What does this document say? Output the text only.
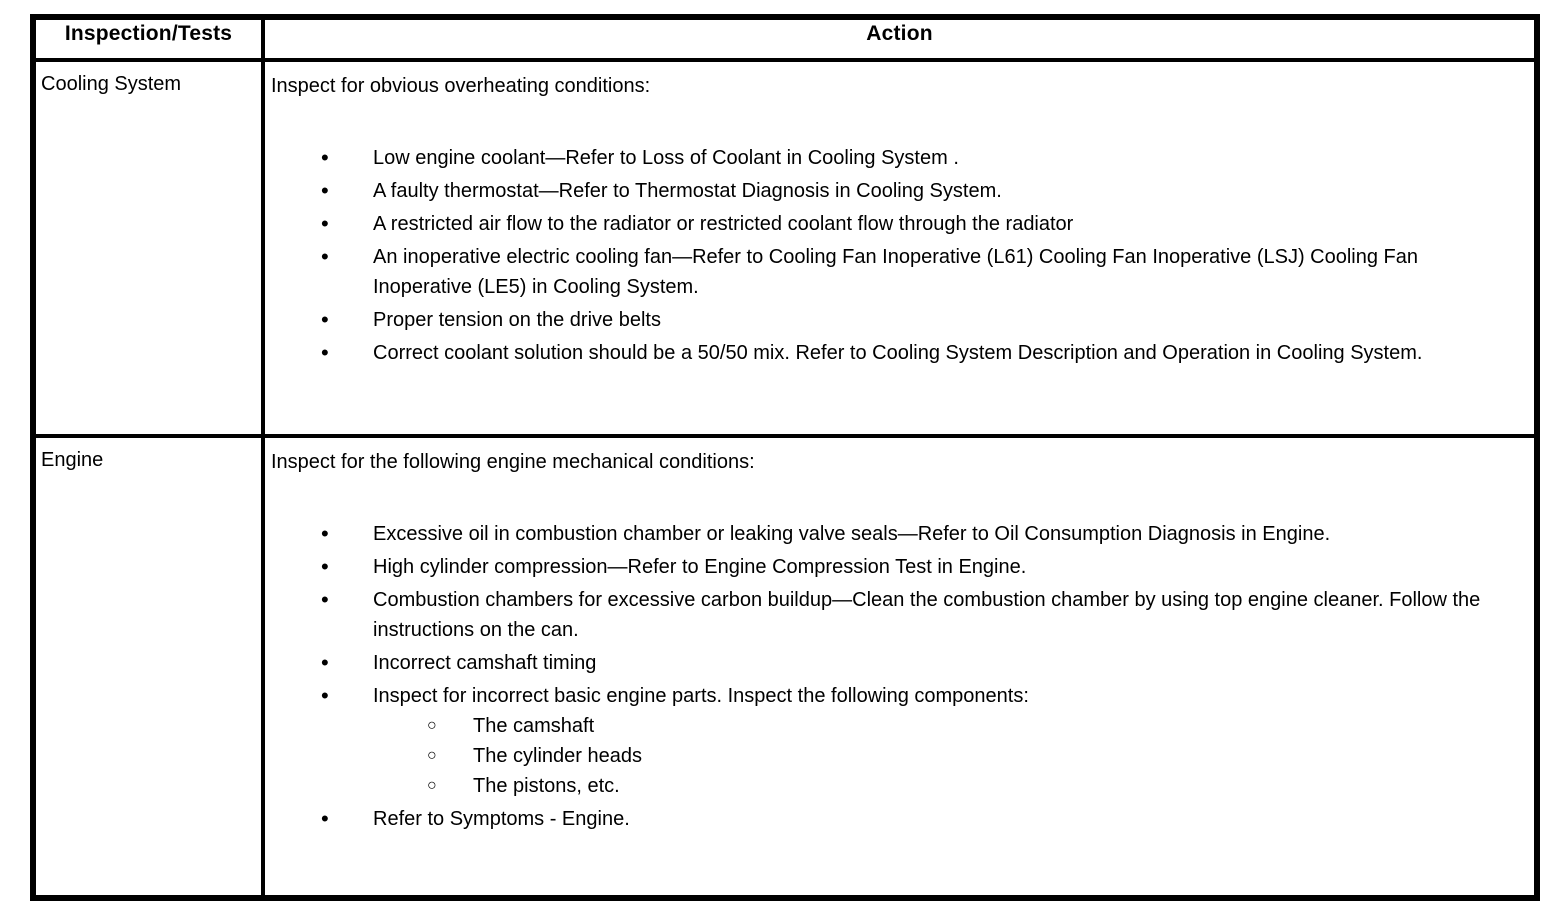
Inspection/Tests	Action
Cooling System	Inspect for obvious overheating conditions:

•	Low engine coolant—Refer to Loss of Coolant in Cooling System .
•	A faulty thermostat—Refer to Thermostat Diagnosis in Cooling System.
•	A restricted air flow to the radiator or restricted coolant flow through the radiator
•	An inoperative electric cooling fan—Refer to Cooling Fan Inoperative (L61) Cooling Fan Inoperative (LSJ) Cooling Fan Inoperative (LE5) in Cooling System.
•	Proper tension on the drive belts
•	Correct coolant solution should be a 50/50 mix. Refer to Cooling System Description and Operation in Cooling System.

Engine	Inspect for the following engine mechanical conditions:

•	Excessive oil in combustion chamber or leaking valve seals—Refer to Oil Consumption Diagnosis in Engine.
•	High cylinder compression—Refer to Engine Compression Test in Engine.
•	Combustion chambers for excessive carbon buildup—Clean the combustion chamber by using top engine cleaner. Follow the instructions on the can.
•	Incorrect camshaft timing
•	Inspect for incorrect basic engine parts. Inspect the following components:
○	The camshaft
○	The cylinder heads
○	The pistons, etc.
•	Refer to Symptoms - Engine.
